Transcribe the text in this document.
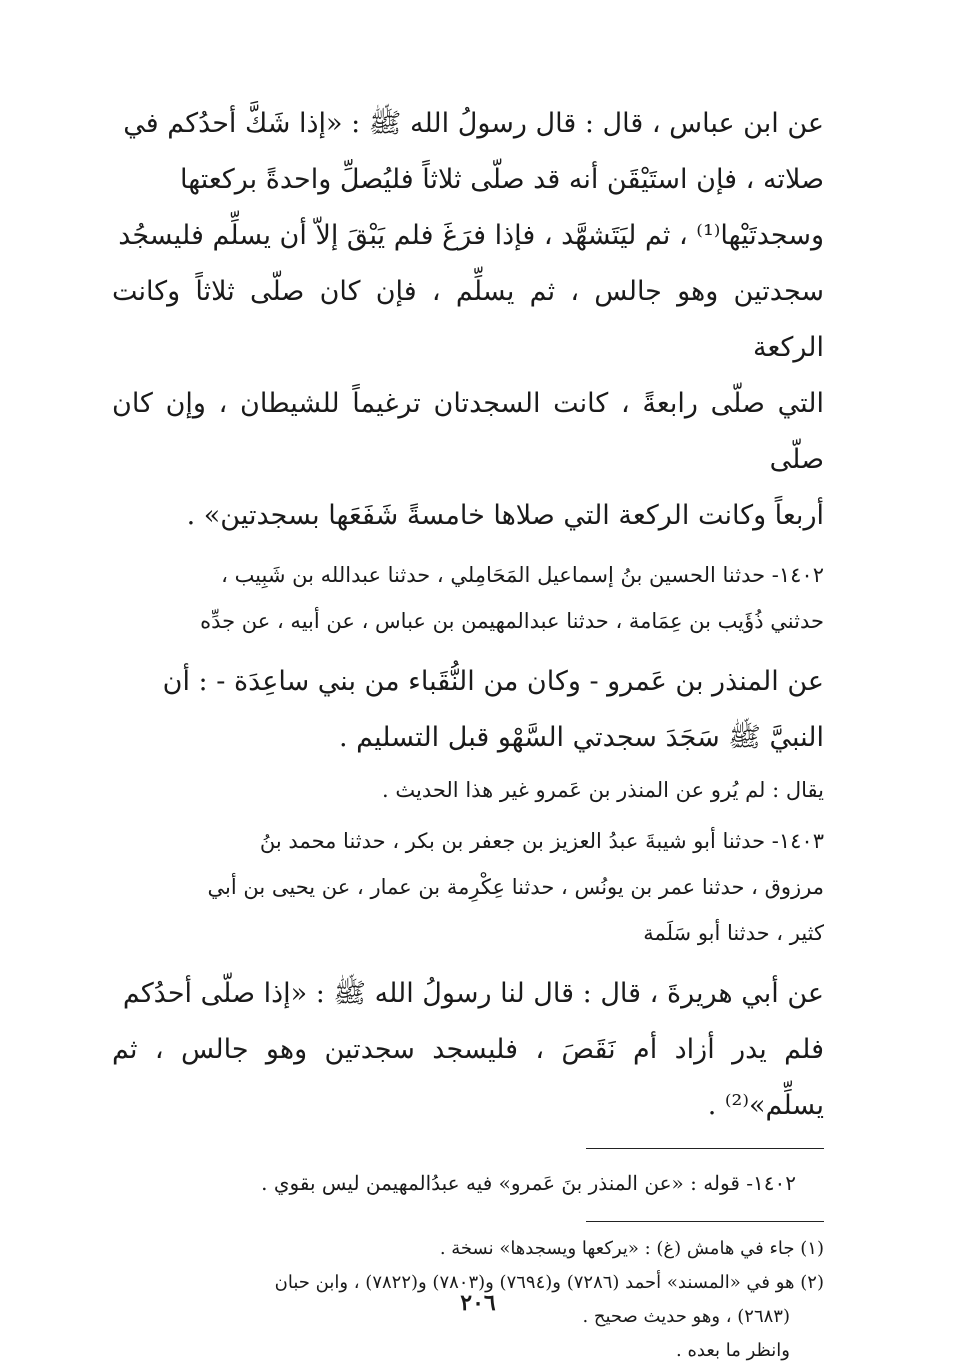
عن ابن عباس ، قال : قال رسولُ الله ﷺ : «إذا شَكَّ أحدُكم في

صلاته ، فإن استَيْقَن أنه قد صلّى ثلاثاً فليُصلِّ واحدةً بركعتها

وسجدتَيْها⁽¹⁾ ، ثم ليَتَشهَّد ، فإذا فرَغَ فلم يَبْقَ إلاّ أن يسلِّم فليسجُد

سجدتين وهو جالس ، ثم يسلِّم ، فإن كان صلّى ثلاثاً وكانت الركعة

التي صلّى رابعةً ، كانت السجدتان ترغيماً للشيطان ، وإن كان صلّى

أربعاً وكانت الركعة التي صلاها خامسةً شَفَعَها بسجدتين» .

١٤٠٢- حدثنا الحسين بنُ إسماعيل المَحَامِلي ، حدثنا عبدالله بن شَبِيب ،

حدثني ذُؤَيب بن عِمَامة ، حدثنا عبدالمهيمن بن عباس ، عن أبيه ، عن جدِّه

عن المنذر بن عَمرو - وكان من النُّقَباء من بني ساعِدَة - : أن

النبيَّ ﷺ سَجَدَ سجدتي السَّهْو قبل التسليم .

يقال : لم يُرو عن المنذر بن عَمرو غير هذا الحديث .

١٤٠٣- حدثنا أبو شيبةَ عبدُ العزيز بن جعفر بن بكر ، حدثنا محمد بنُ

مرزوق ، حدثنا عمر بن يونُس ، حدثنا عِكْرِمة بن عمار ، عن يحيى بن أبي

كثير ، حدثنا أبو سَلَمة

عن أبي هريرةَ ، قال : قال لنا رسولُ الله ﷺ : «إذا صلّى أحدُكم

فلم يدر أزاد أم نَقَصَ ، فليسجد سجدتين وهو جالس ، ثم يسلِّم»⁽²⁾ .

١٤٠٢- قوله : «عن المنذر بنَ عَمرو» فيه عبدُالمهيمن ليس بقوي .

(١) جاء في هامش (غ) : «يركعها ويسجدها» نسخة .

(٢) هو في «المسند» أحمد (٧٢٨٦) و(٧٦٩٤) و(٧٨٠٣) و(٧٨٢٢) ، وابن حبان

(٢٦٨٣) ، وهو حديث صحيح .

وانظر ما بعده .

٢٠٦
